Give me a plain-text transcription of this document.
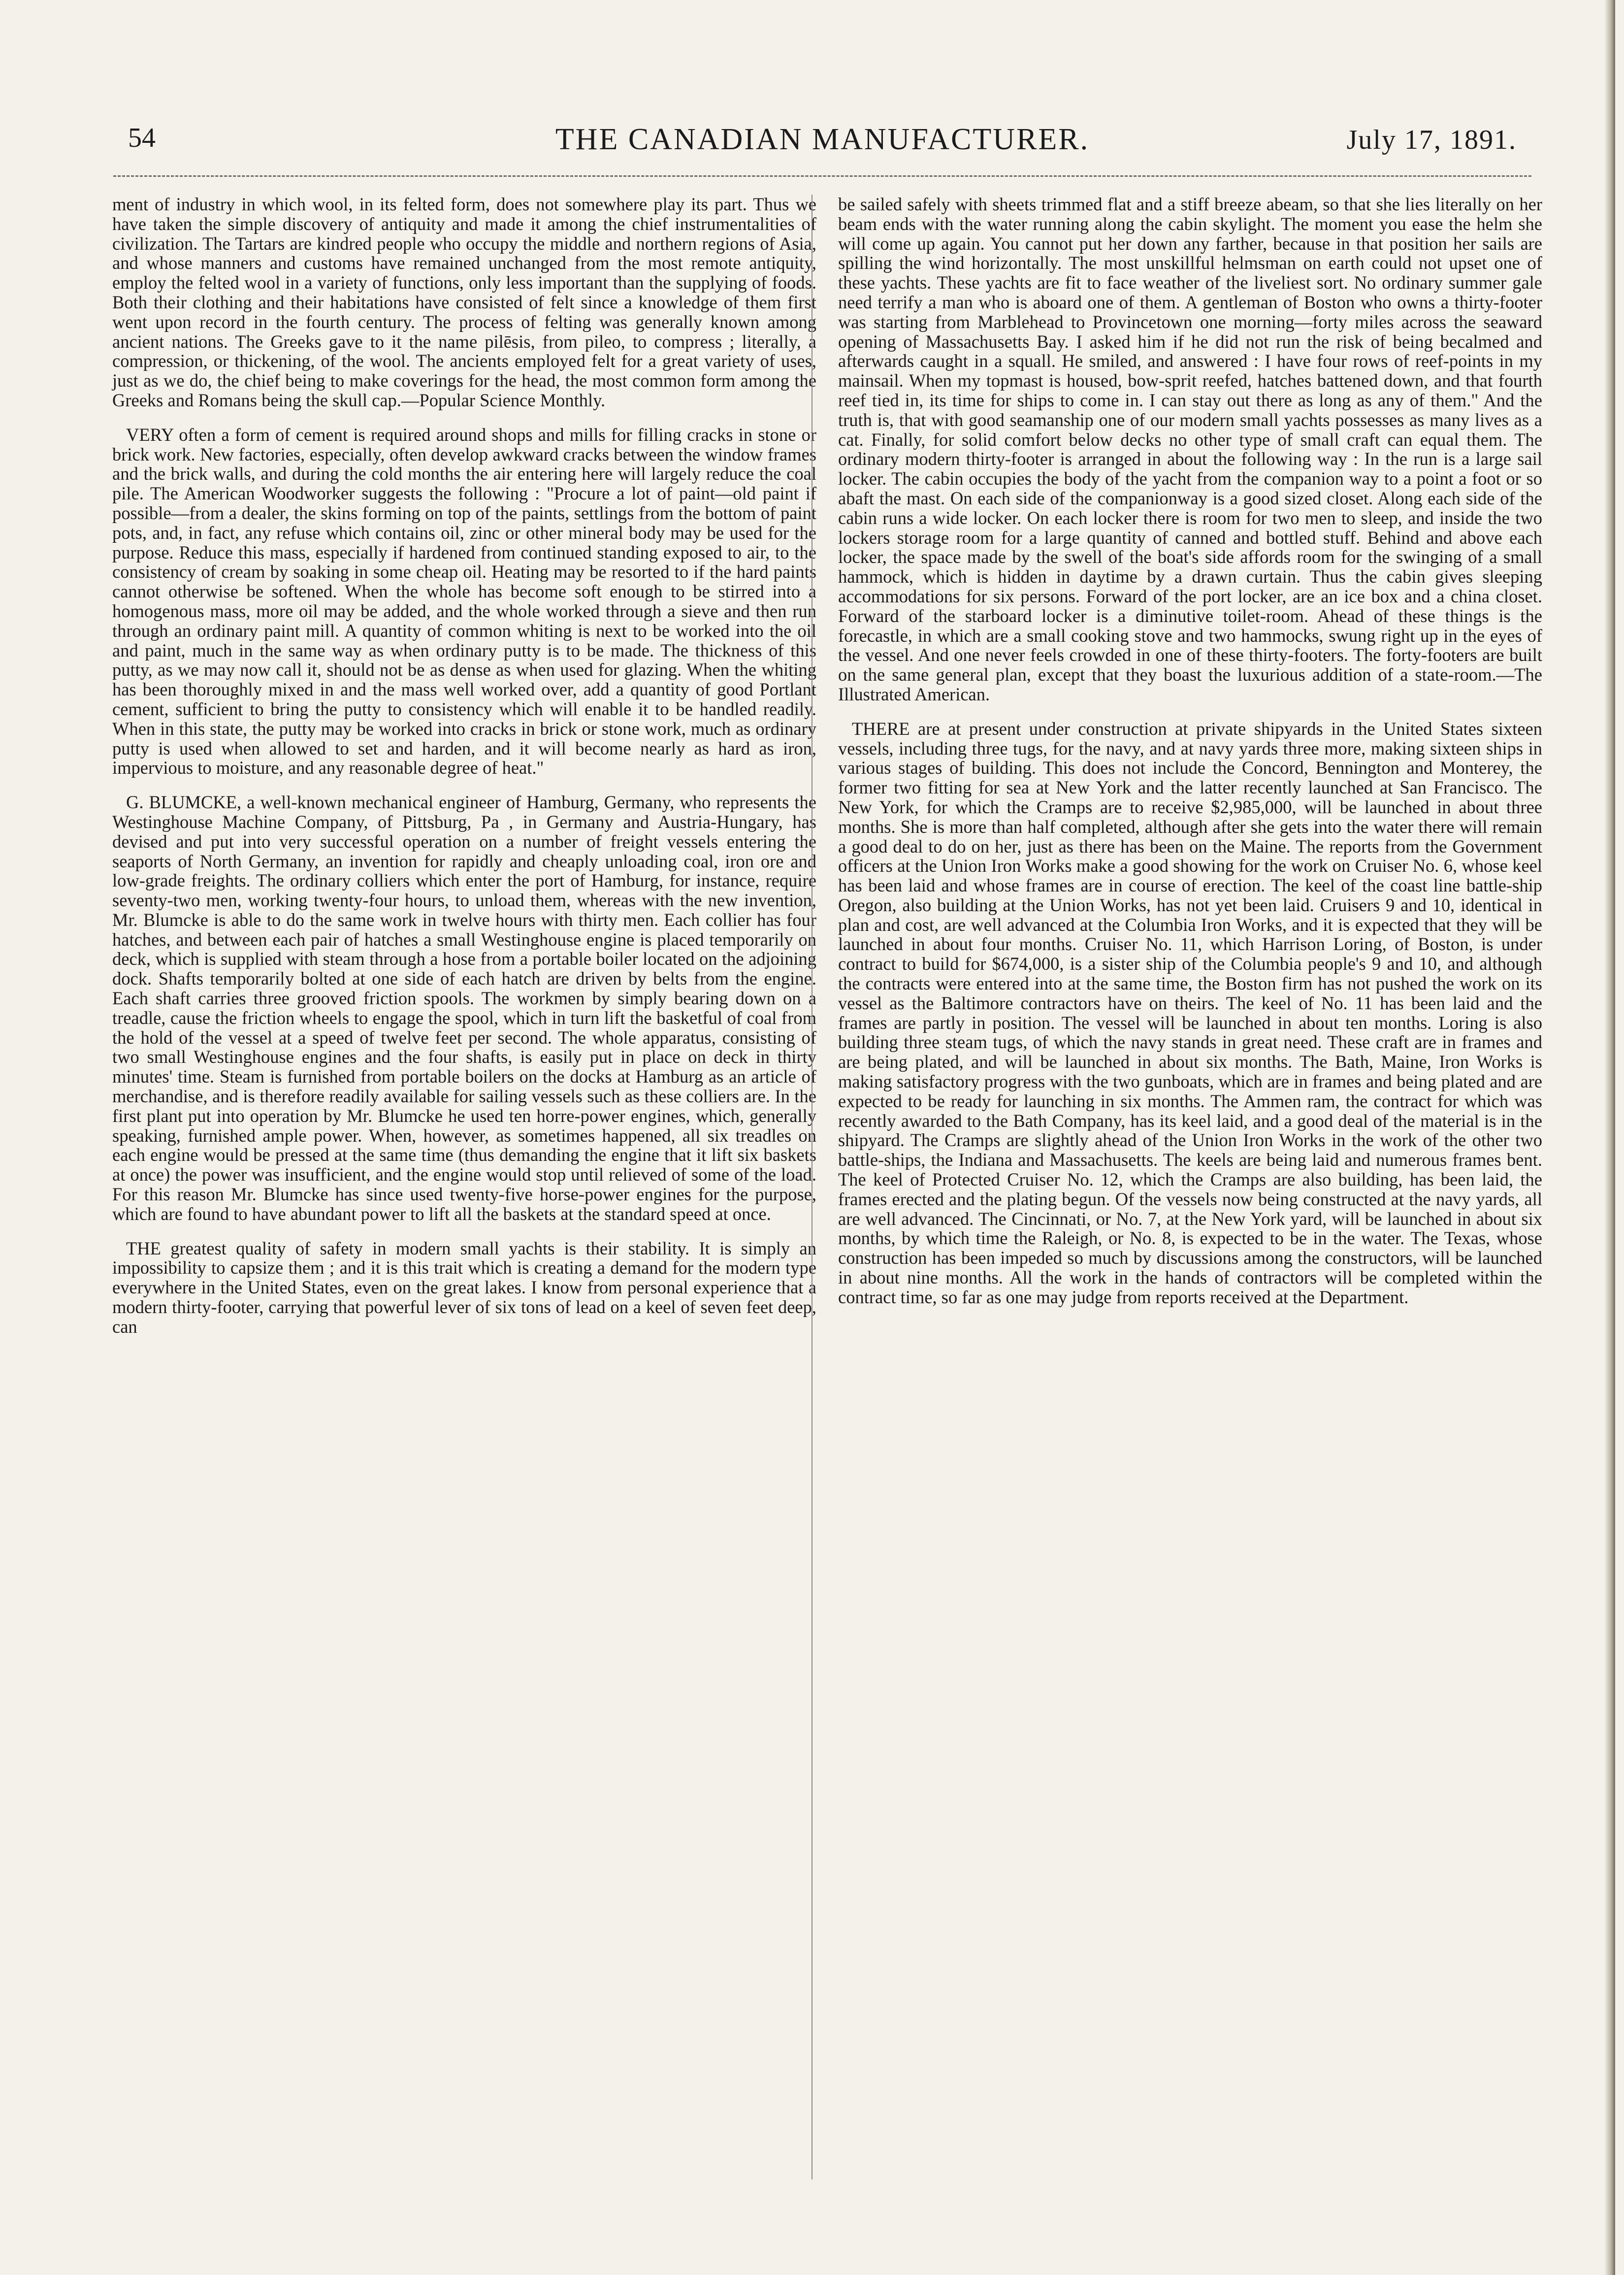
54	THE CANADIAN MANUFACTURER.	July 17, 1891.

ment of industry in which wool, in its felted form, does not somewhere play its part. Thus we have taken the simple discovery of antiquity and made it among the chief instrumentalities of civilization. The Tartars are kindred people who occupy the middle and northern regions of Asia, and whose manners and customs have remained unchanged from the most remote antiquity, employ the felted wool in a variety of functions, only less important than the supplying of foods. Both their clothing and their habitations have consisted of felt since a knowledge of them first went upon record in the fourth century. The process of felting was generally known among ancient nations. The Greeks gave to it the name pilēsis, from pileo, to compress ; literally, a compression, or thickening, of the wool. The ancients employed felt for a great variety of uses, just as we do, the chief being to make coverings for the head, the most common form among the Greeks and Romans being the skull cap.—Popular Science Monthly.

VERY often a form of cement is required around shops and mills for filling cracks in stone or brick work. New factories, especially, often develop awkward cracks between the window frames and the brick walls, and during the cold months the air entering here will largely reduce the coal pile. The American Woodworker suggests the following : "Procure a lot of paint—old paint if possible—from a dealer, the skins forming on top of the paints, settlings from the bottom of paint pots, and, in fact, any refuse which contains oil, zinc or other mineral body may be used for the purpose. Reduce this mass, especially if hardened from continued standing exposed to air, to the consistency of cream by soaking in some cheap oil. Heating may be resorted to if the hard paints cannot otherwise be softened. When the whole has become soft enough to be stirred into a homogenous mass, more oil may be added, and the whole worked through a sieve and then run through an ordinary paint mill. A quantity of common whiting is next to be worked into the oil and paint, much in the same way as when ordinary putty is to be made. The thickness of this putty, as we may now call it, should not be as dense as when used for glazing. When the whiting has been thoroughly mixed in and the mass well worked over, add a quantity of good Portlant cement, sufficient to bring the putty to consistency which will enable it to be handled readily. When in this state, the putty may be worked into cracks in brick or stone work, much as ordinary putty is used when allowed to set and harden, and it will become nearly as hard as iron, impervious to moisture, and any reasonable degree of heat."

G. BLUMCKE, a well-known mechanical engineer of Hamburg, Germany, who represents the Westinghouse Machine Company, of Pittsburg, Pa , in Germany and Austria-Hungary, has devised and put into very successful operation on a number of freight vessels entering the seaports of North Germany, an invention for rapidly and cheaply unloading coal, iron ore and low-grade freights. The ordinary colliers which enter the port of Hamburg, for instance, require seventy-two men, working twenty-four hours, to unload them, whereas with the new invention, Mr. Blumcke is able to do the same work in twelve hours with thirty men. Each collier has four hatches, and between each pair of hatches a small Westinghouse engine is placed temporarily on deck, which is supplied with steam through a hose from a portable boiler located on the adjoining dock. Shafts temporarily bolted at one side of each hatch are driven by belts from the engine. Each shaft carries three grooved friction spools. The workmen by simply bearing down on a treadle, cause the friction wheels to engage the spool, which in turn lift the basketful of coal from the hold of the vessel at a speed of twelve feet per second. The whole apparatus, consisting of two small Westinghouse engines and the four shafts, is easily put in place on deck in thirty minutes' time. Steam is furnished from portable boilers on the docks at Hamburg as an article of merchandise, and is therefore readily available for sailing vessels such as these colliers are. In the first plant put into operation by Mr. Blumcke he used ten horre-power engines, which, generally speaking, furnished ample power. When, however, as sometimes happened, all six treadles on each engine would be pressed at the same time (thus demanding the engine that it lift six baskets at once) the power was insufficient, and the engine would stop until relieved of some of the load. For this reason Mr. Blumcke has since used twenty-five horse-power engines for the purpose, which are found to have abundant power to lift all the baskets at the standard speed at once.

THE greatest quality of safety in modern small yachts is their stability. It is simply an impossibility to capsize them ; and it is this trait which is creating a demand for the modern type everywhere in the United States, even on the great lakes. I know from personal experience that a modern thirty-footer, carrying that powerful lever of six tons of lead on a keel of seven feet deep, can

be sailed safely with sheets trimmed flat and a stiff breeze abeam, so that she lies literally on her beam ends with the water running along the cabin skylight. The moment you ease the helm she will come up again. You cannot put her down any farther, because in that position her sails are spilling the wind horizontally. The most unskillful helmsman on earth could not upset one of these yachts. These yachts are fit to face weather of the liveliest sort. No ordinary summer gale need terrify a man who is aboard one of them. A gentleman of Boston who owns a thirty-footer was starting from Marblehead to Provincetown one morning—forty miles across the seaward opening of Massachusetts Bay. I asked him if he did not run the risk of being becalmed and afterwards caught in a squall. He smiled, and answered : I have four rows of reef-points in my mainsail. When my topmast is housed, bow-sprit reefed, hatches battened down, and that fourth reef tied in, its time for ships to come in. I can stay out there as long as any of them." And the truth is, that with good seamanship one of our modern small yachts possesses as many lives as a cat. Finally, for solid comfort below decks no other type of small craft can equal them. The ordinary modern thirty-footer is arranged in about the following way : In the run is a large sail locker. The cabin occupies the body of the yacht from the companion way to a point a foot or so abaft the mast. On each side of the companionway is a good sized closet. Along each side of the cabin runs a wide locker. On each locker there is room for two men to sleep, and inside the two lockers storage room for a large quantity of canned and bottled stuff. Behind and above each locker, the space made by the swell of the boat's side affords room for the swinging of a small hammock, which is hidden in daytime by a drawn curtain. Thus the cabin gives sleeping accommodations for six persons. Forward of the port locker, are an ice box and a china closet. Forward of the starboard locker is a diminutive toilet-room. Ahead of these things is the forecastle, in which are a small cooking stove and two hammocks, swung right up in the eyes of the vessel. And one never feels crowded in one of these thirty-footers. The forty-footers are built on the same general plan, except that they boast the luxurious addition of a state-room.—The Illustrated American.

THERE are at present under construction at private shipyards in the United States sixteen vessels, including three tugs, for the navy, and at navy yards three more, making sixteen ships in various stages of building. This does not include the Concord, Bennington and Monterey, the former two fitting for sea at New York and the latter recently launched at San Francisco. The New York, for which the Cramps are to receive $2,985,000, will be launched in about three months. She is more than half completed, although after she gets into the water there will remain a good deal to do on her, just as there has been on the Maine. The reports from the Government officers at the Union Iron Works make a good showing for the work on Cruiser No. 6, whose keel has been laid and whose frames are in course of erection. The keel of the coast line battle-ship Oregon, also building at the Union Works, has not yet been laid. Cruisers 9 and 10, identical in plan and cost, are well advanced at the Columbia Iron Works, and it is expected that they will be launched in about four months. Cruiser No. 11, which Harrison Loring, of Boston, is under contract to build for $674,000, is a sister ship of the Columbia people's 9 and 10, and although the contracts were entered into at the same time, the Boston firm has not pushed the work on its vessel as the Baltimore contractors have on theirs. The keel of No. 11 has been laid and the frames are partly in position. The vessel will be launched in about ten months. Loring is also building three steam tugs, of which the navy stands in great need. These craft are in frames and are being plated, and will be launched in about six months. The Bath, Maine, Iron Works is making satisfactory progress with the two gunboats, which are in frames and being plated and are expected to be ready for launching in six months. The Ammen ram, the contract for which was recently awarded to the Bath Company, has its keel laid, and a good deal of the material is in the shipyard. The Cramps are slightly ahead of the Union Iron Works in the work of the other two battle-ships, the Indiana and Massachusetts. The keels are being laid and numerous frames bent. The keel of Protected Cruiser No. 12, which the Cramps are also building, has been laid, the frames erected and the plating begun. Of the vessels now being constructed at the navy yards, all are well advanced. The Cincinnati, or No. 7, at the New York yard, will be launched in about six months, by which time the Raleigh, or No. 8, is expected to be in the water. The Texas, whose construction has been impeded so much by discussions among the constructors, will be launched in about nine months. All the work in the hands of contractors will be completed within the contract time, so far as one may judge from reports received at the Department.
